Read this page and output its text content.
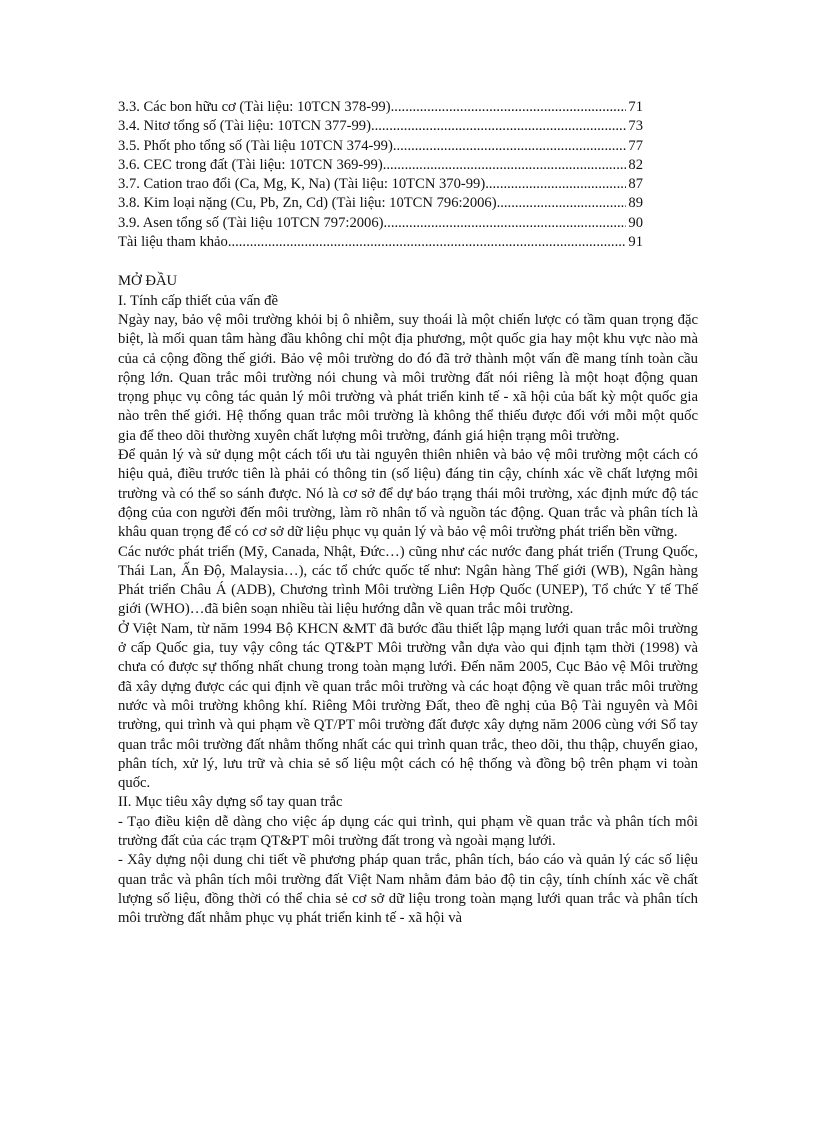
3.3. Các bon hữu cơ (Tài liệu: 10TCN 378-99) .....	71
3.4. Nitơ tổng số (Tài liệu: 10TCN 377-99) .....	73
3.5. Phốt pho tổng số (Tài liệu 10TCN 374-99) .....	77
3.6. CEC trong đất (Tài liệu: 10TCN 369-99) .....	82
3.7. Cation trao đổi (Ca, Mg, K, Na) (Tài liệu: 10TCN 370-99) .....	87
3.8. Kim loại nặng (Cu, Pb, Zn, Cd) (Tài liệu: 10TCN 796:2006) .....	89
3.9. Asen tổng số (Tài liệu 10TCN 797:2006) .....	90
Tài liệu tham khảo .....	91
MỞ ĐẦU
I. Tính cấp thiết của vấn đề

Ngày nay, bảo vệ môi trường khỏi bị ô nhiễm, suy thoái là một chiến lược có tầm quan trọng đặc biệt, là mối quan tâm hàng đầu không chỉ một địa phương, một quốc gia hay một khu vực nào mà của cả cộng đồng thế giới. Bảo vệ môi trường do đó đã trở thành một vấn đề mang tính toàn cầu rộng lớn. Quan trắc môi trường nói chung và môi trường đất nói riêng là một hoạt động quan trọng phục vụ công tác quản lý môi trường và phát triển kinh tế - xã hội của bất kỳ một quốc gia nào trên thế giới. Hệ thống quan trắc môi trường là không thể thiếu được đối với mỗi một quốc gia để theo dõi thường xuyên chất lượng môi trường, đánh giá hiện trạng môi trường.

Để quản lý và sử dụng một cách tối ưu tài nguyên thiên nhiên và bảo vệ môi trường một cách có hiệu quả, điều trước tiên là phải có thông tin (số liệu) đáng tin cậy, chính xác về chất lượng môi trường và có thể so sánh được. Nó là cơ sở để dự báo trạng thái môi trường, xác định mức độ tác động của con người đến môi trường, làm rõ nhân tố và nguồn tác động. Quan trắc và phân tích là khâu quan trọng để có cơ sở dữ liệu phục vụ quản lý và bảo vệ môi trường phát triển bền vững.

Các nước phát triển (Mỹ, Canada, Nhật, Đức…) cũng như các nước đang phát triển (Trung Quốc, Thái Lan, Ấn Độ, Malaysia…), các tổ chức quốc tế như: Ngân hàng Thế giới (WB), Ngân hàng Phát triển Châu Á (ADB), Chương trình Môi trường Liên Hợp Quốc (UNEP), Tổ chức Y tế Thế giới (WHO)…đã biên soạn nhiều tài liệu hướng dẫn về quan trắc môi trường.

Ở Việt Nam, từ năm 1994 Bộ KHCN &MT đã bước đầu thiết lập mạng lưới quan trắc môi trường ở cấp Quốc gia, tuy vậy công tác QT&PT Môi trường vẫn dựa vào qui định tạm thời (1998) và chưa có được sự thống nhất chung trong toàn mạng lưới. Đến năm 2005, Cục Bảo vệ Môi trường đã xây dựng được các qui định về quan trắc môi trường và các hoạt động về quan trắc môi trường nước và môi trường không khí. Riêng Môi trường Đất, theo đề nghị của Bộ Tài nguyên và Môi trường, qui trình và qui phạm về QT/PT môi trường đất được xây dựng năm 2006 cùng với Sổ tay quan trắc môi trường đất nhằm thống nhất các qui trình quan trắc, theo dõi, thu thập, chuyển giao, phân tích, xử lý, lưu trữ và chia sẻ số liệu một cách có hệ thống và đồng bộ trên phạm vi toàn quốc.

II. Mục tiêu xây dựng sổ tay quan trắc

- Tạo điều kiện dễ dàng cho việc áp dụng các qui trình, qui phạm về quan trắc và phân tích môi trường đất của các trạm QT&PT môi trường đất trong và ngoài mạng lưới.

- Xây dựng nội dung chi tiết về phương pháp quan trắc, phân tích, báo cáo và quản lý các số liệu quan trắc và phân tích môi trường đất Việt Nam nhằm đảm bảo độ tin cậy, tính chính xác về chất lượng số liệu, đồng thời có thể chia sẻ cơ sở dữ liệu trong toàn mạng lưới quan trắc và phân tích môi trường đất nhằm phục vụ phát triển kinh tế - xã hội và
